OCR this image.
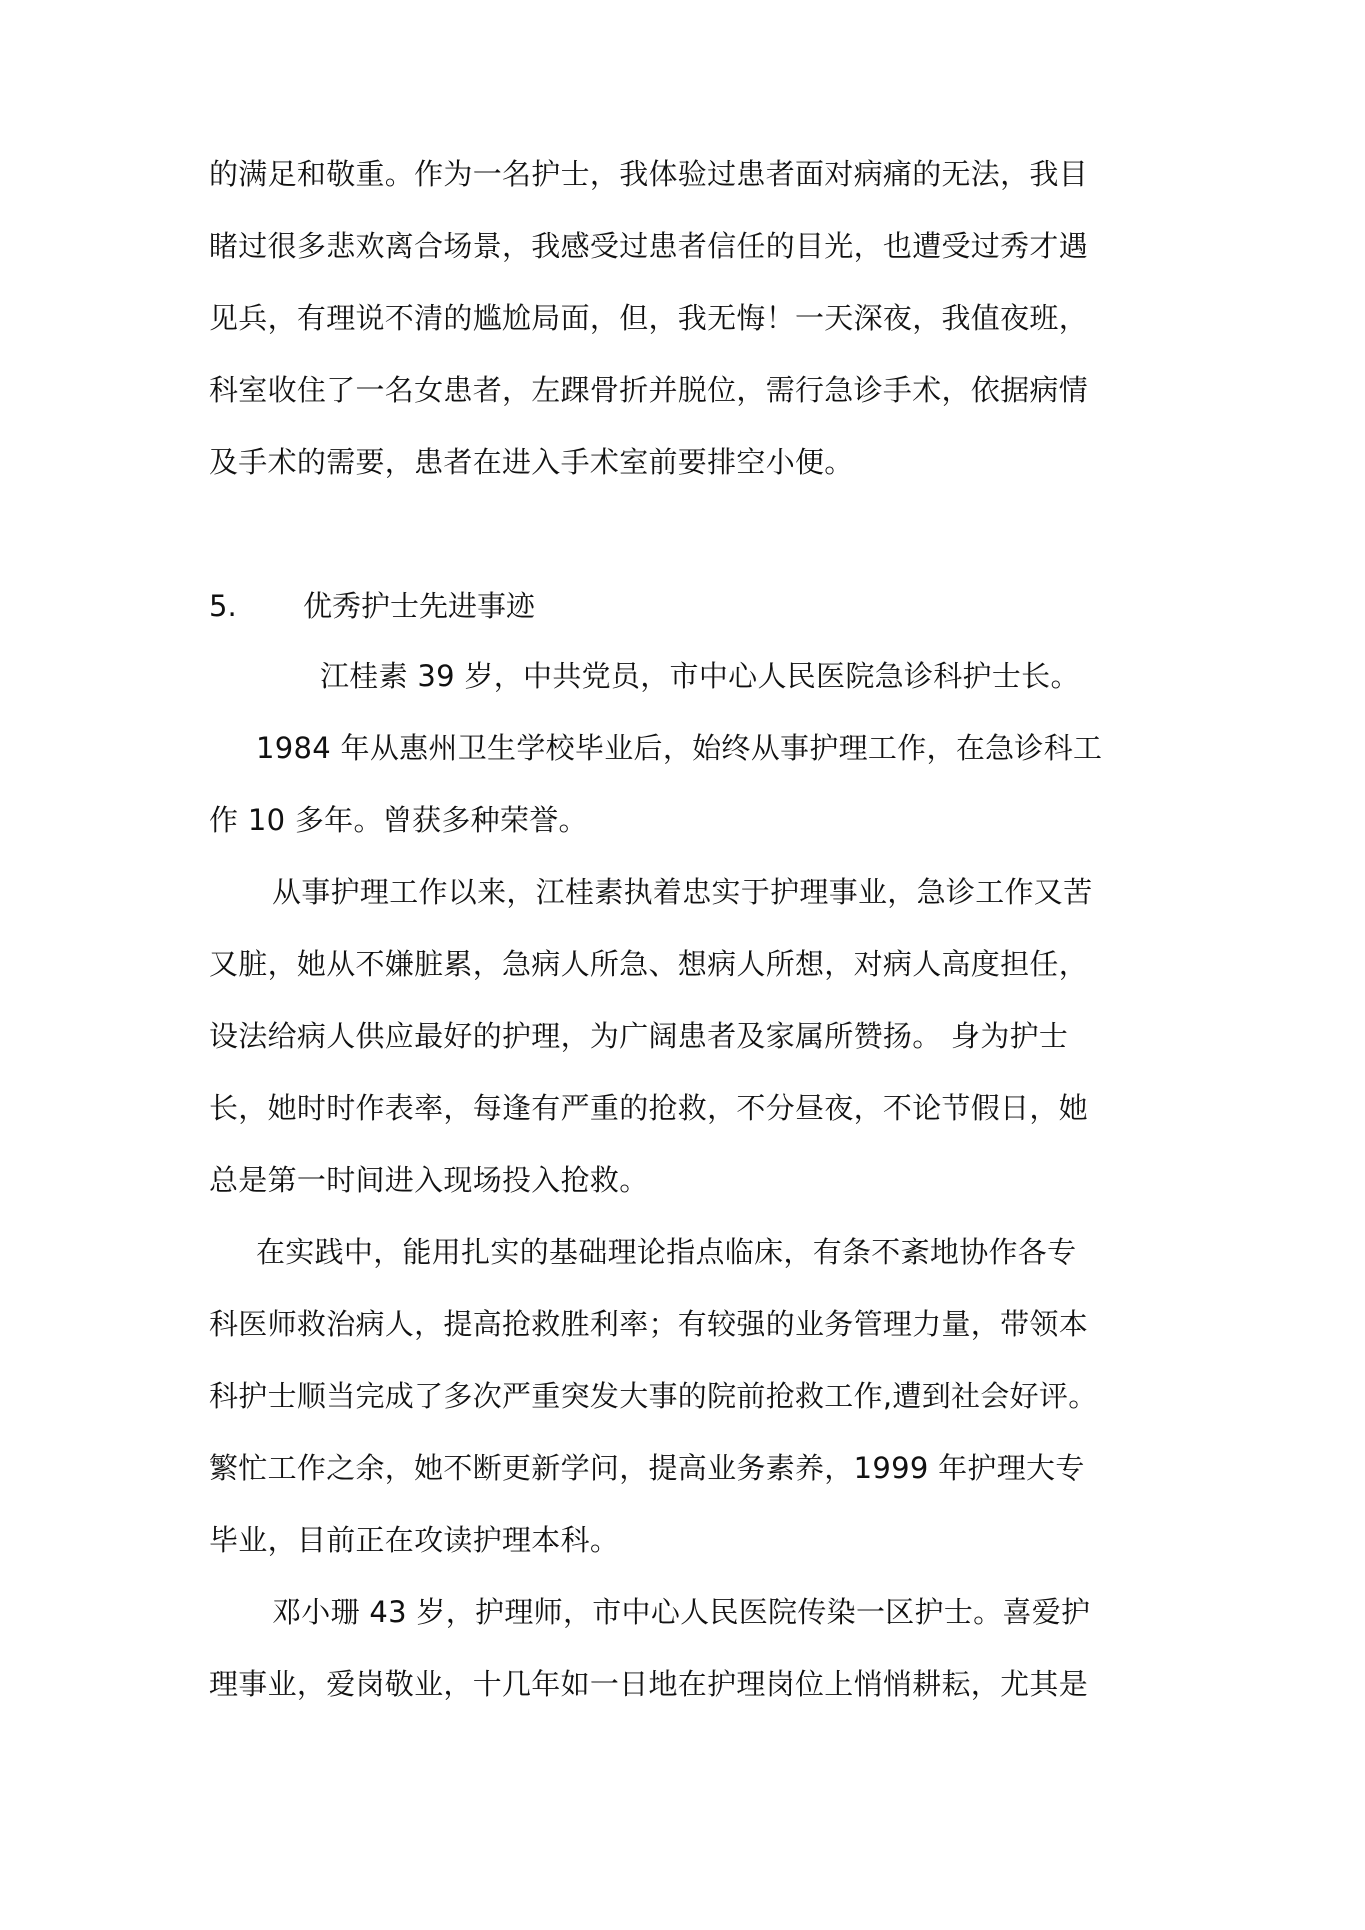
的满足和敬重。作为一名护士，我体验过患者面对病痛的无法，我目
睹过很多悲欢离合场景，我感受过患者信任的目光，也遭受过秀才遇
见兵，有理说不清的尴尬局面，但，我无悔！一天深夜，我值夜班，
科室收住了一名女患者，左踝骨折并脱位，需行急诊手术，依据病情
及手术的需要，患者在进入手术室前要排空小便。
5. 优秀护士先进事迹
江桂素 39 岁，中共党员，市中心人民医院急诊科护士长。
1984 年从惠州卫生学校毕业后，始终从事护理工作，在急诊科工
作 10 多年。曾获多种荣誉。
从事护理工作以来，江桂素执着忠实于护理事业，急诊工作又苦
又脏，她从不嫌脏累，急病人所急、想病人所想，对病人高度担任，
设法给病人供应最好的护理，为广阔患者及家属所赞扬。 身为护士
长，她时时作表率，每逢有严重的抢救，不分昼夜，不论节假日，她
总是第一时间进入现场投入抢救。
在实践中，能用扎实的基础理论指点临床，有条不紊地协作各专
科医师救治病人，提高抢救胜利率；有较强的业务管理力量，带领本
科护士顺当完成了多次严重突发大事的院前抢救工作,遭到社会好评。
繁忙工作之余，她不断更新学问，提高业务素养，1999 年护理大专
毕业，目前正在攻读护理本科。
邓小珊 43 岁，护理师，市中心人民医院传染一区护士。喜爱护
理事业，爱岗敬业，十几年如一日地在护理岗位上悄悄耕耘，尤其是
